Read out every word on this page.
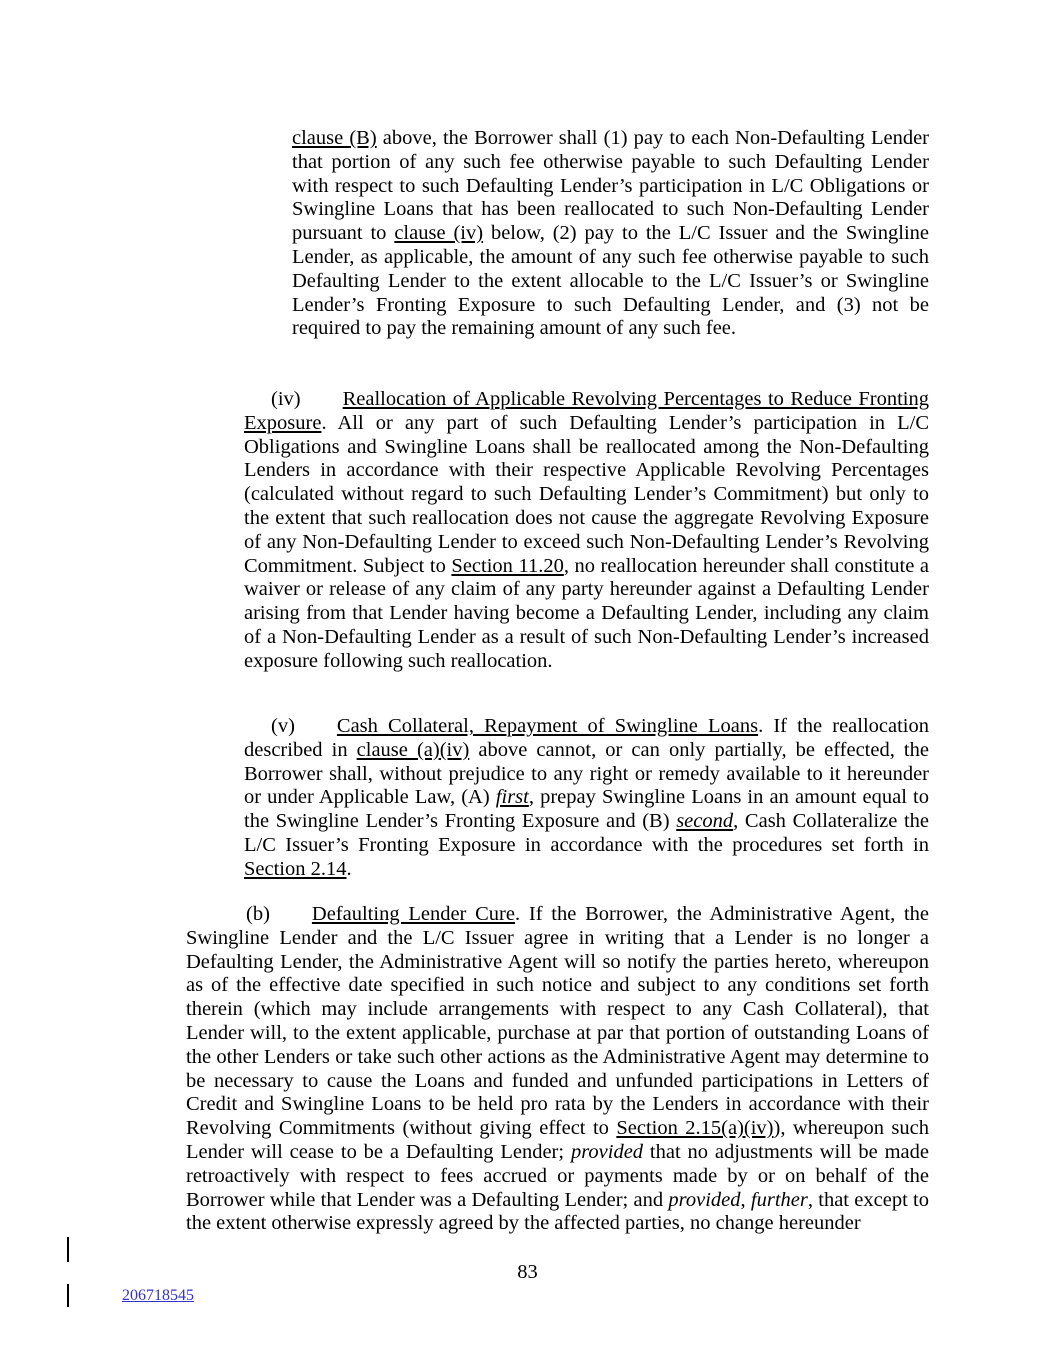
clause (B) above, the Borrower shall (1) pay to each Non-Defaulting Lender that portion of any such fee otherwise payable to such Defaulting Lender with respect to such Defaulting Lender’s participation in L/C Obligations or Swingline Loans that has been reallocated to such Non-Defaulting Lender pursuant to clause (iv) below, (2) pay to the L/C Issuer and the Swingline Lender, as applicable, the amount of any such fee otherwise payable to such Defaulting Lender to the extent allocable to the L/C Issuer’s or Swingline Lender’s Fronting Exposure to such Defaulting Lender, and (3) not be required to pay the remaining amount of any such fee.

(iv) Reallocation of Applicable Revolving Percentages to Reduce Fronting Exposure. All or any part of such Defaulting Lender’s participation in L/C Obligations and Swingline Loans shall be reallocated among the Non-Defaulting Lenders in accordance with their respective Applicable Revolving Percentages (calculated without regard to such Defaulting Lender’s Commitment) but only to the extent that such reallocation does not cause the aggregate Revolving Exposure of any Non-Defaulting Lender to exceed such Non-Defaulting Lender’s Revolving Commitment. Subject to Section 11.20, no reallocation hereunder shall constitute a waiver or release of any claim of any party hereunder against a Defaulting Lender arising from that Lender having become a Defaulting Lender, including any claim of a Non-Defaulting Lender as a result of such Non-Defaulting Lender’s increased exposure following such reallocation.

(v) Cash Collateral, Repayment of Swingline Loans. If the reallocation described in clause (a)(iv) above cannot, or can only partially, be effected, the Borrower shall, without prejudice to any right or remedy available to it hereunder or under Applicable Law, (A) first, prepay Swingline Loans in an amount equal to the Swingline Lender’s Fronting Exposure and (B) second, Cash Collateralize the L/C Issuer’s Fronting Exposure in accordance with the procedures set forth in Section 2.14.

(b) Defaulting Lender Cure. If the Borrower, the Administrative Agent, the Swingline Lender and the L/C Issuer agree in writing that a Lender is no longer a Defaulting Lender, the Administrative Agent will so notify the parties hereto, whereupon as of the effective date specified in such notice and subject to any conditions set forth therein (which may include arrangements with respect to any Cash Collateral), that Lender will, to the extent applicable, purchase at par that portion of outstanding Loans of the other Lenders or take such other actions as the Administrative Agent may determine to be necessary to cause the Loans and funded and unfunded participations in Letters of Credit and Swingline Loans to be held pro rata by the Lenders in accordance with their Revolving Commitments (without giving effect to Section 2.15(a)(iv)), whereupon such Lender will cease to be a Defaulting Lender; provided that no adjustments will be made retroactively with respect to fees accrued or payments made by or on behalf of the Borrower while that Lender was a Defaulting Lender; and provided, further, that except to the extent otherwise expressly agreed by the affected parties, no change hereunder

83
206718545
